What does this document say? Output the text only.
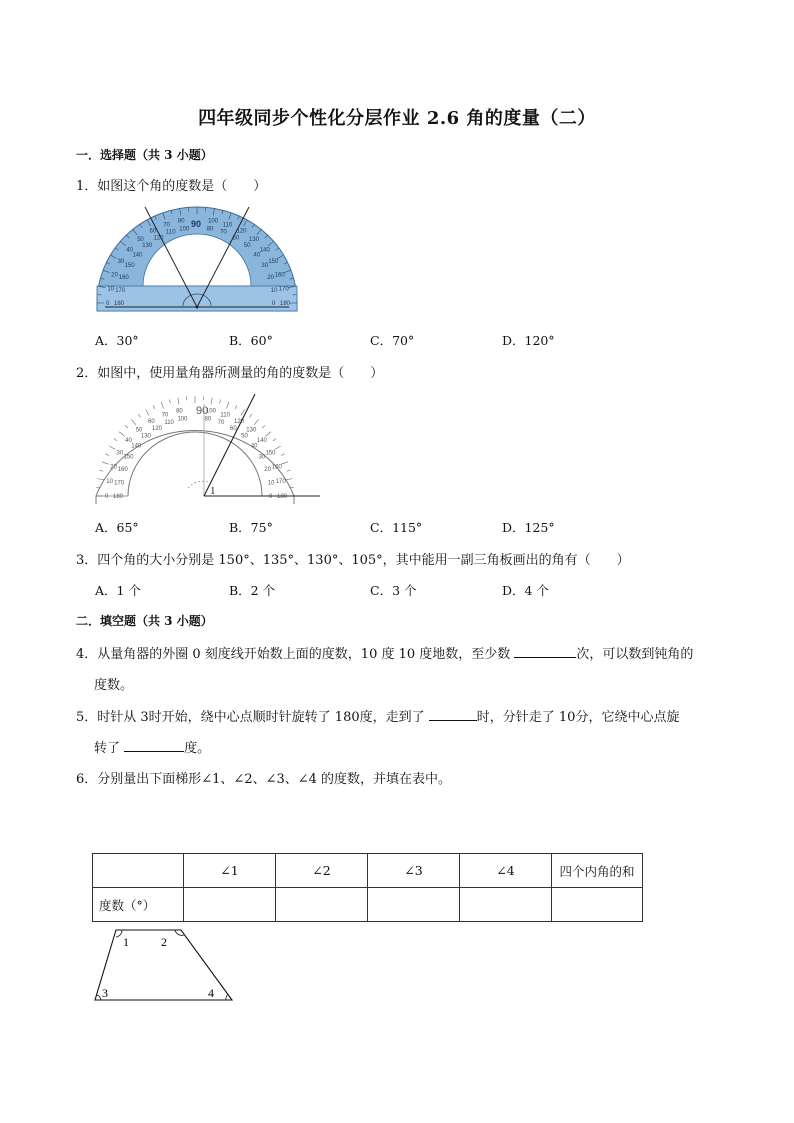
四年级同步个性化分层作业 2.6 角的度量（二）
一．选择题（共 3 小题）
1．如图这个角的度数是（　　）
0 180
10 170
20 160
30
150
40
140
50
130
60
120
70
110
80
100
100
80
110
70 120
60 130
50
140
40
150
30
160
20
170
10
180
0
90
A．30°	B．60°	C．70°	D．120°
2．如图中，使用量角器所测量的角的度数是（　　）
0 180
10 170
20 160
30
150
40
140
50
130
60
120
70
110
80
100
100
80
110
70 120
60 130
50
140
40
150
30
160
20
170
10
180
0
90
1
A．65°	B．75°	C．115°	D．125°
3．四个角的大小分别是 150°、135°、130°、105°，其中能用一副三角板画出的角有（　　）
A．1 个	B．2 个	C．3 个	D．4 个
二．填空题（共 3 小题）
4．从量角器的外圈 0 刻度线开始数上面的度数，10 度 10 度地数，至少数	次，可以数到钝角的
度数。
5．时针从 3时开始，绕中心点顺时针旋转了 180度，走到了	时，分针走了 10分，它绕中心点旋
转了	度。
6．分别量出下面梯形∠1、∠2、∠3、∠4 的度数，并填在表中。
	∠1	∠2	∠3	∠4	四个内角的和
度数（°）					
1	2
3	4
